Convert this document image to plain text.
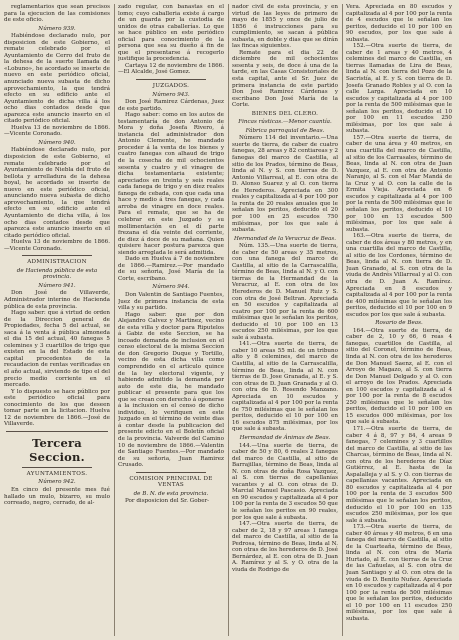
reglamentarios que sean precisos para la ejecucion de las comisiones de este oficio.

Número 939.

Habiéndose declarado nulo, por disposicion de este Gobierno, el remate celebrado por el Ayuntamiento de Cerro del fruto de la dehesa de la suerte llamada de «Lobuno», he acordado se inserte de nuevo en este periódico oficial, anunciado nueva subasta de dicho aprovechamiento, la que tendrá efecto en su edificio ante el Ayuntamiento de dicha villa á los ocho dias contados desde que aparezca este anuncio inserto en el citado periódico oficial.

Huelva 13 de noviembre de 1866.—Vicente Coronado.

Número 940.

Habiéndose declarado nulo, por disposicion de este Gobierno, el remate celebrado por el Ayuntamiento de Niebla del fruto de bellota y arrelladura de la dehesa boyal, he acordado se inserte de nuevo en este periódico oficial, anunciando nueva subasta de dicho aprovechamiento, la que tendrá efecto en su edificio ante el Ayuntamiento de dicha villa, á los ocho dias contados desde que aparezca este anuncio inserto en el citado periódico oficial.

Huelva 13 de noviembre de 1866.—Vicente Coronado.

ADMINISTRACION

de Hacienda pública de esta provincia.

Número 941.

Don José de Villaverde, Administrador interino de Hacienda pública de esta provincia.

Hago saber: que á virtud de orden de la Direccion general de Propiedades, fecha 5 del actual, se saca á la venta á pública almoneda el dia 15 del actual, 40 fanegas 5 celemines y 3 cuartillos de trigo que existen en la del Estado de esta capital procedentes de la recaudacion de rentas verificadas en el año actual, sirviendo de tipo el del precio medio corriente en el mercado.

Y lo dispuesto se hace público por este periódico oficial para conocimiento de los que deseen tomar parte en la licitacion. Huelva 12 de noviembre de 1866.—José de Villaverde.

Tercera Seccion.

AYUNTAMIENTOS.

Número 942.

En cinco del presente mes fué hallado un mulo, bizarro, su mulo correado, negro, cerrado, de al-

zado regular, con banastas en el lomo; cuyo caballeria existe á cargo de un guarda por la custodia de unidos de otras caballerías. Lo que se hace público en este periódico oficial para conocimiento de la persona que sea su dueño á fin de que el presentarse á recogerlo justifique la procedencia.

Cartaya 12 de noviembre de 1866.—El Alcalde, José Gomez.

JUZGADOS.

Número 943.

Don José Ramirez Cárdenas, Juez de este partido.

Hago saber: como en los autos de testamentaría de don Antonio de Mora y doña Josefa Rivero, á instancia del administrador don Antonio Clemente, he mandado proceder á la venta de los bienes y cuatro fanegas con alhaud de trigo de la cosecha de mil ochocientos sesenta y cuatro y el vinagre de dicha testamentaria existente; apreciados en treinta y seis reales cada fanega de trigo y en diez reales fanega de cebada, con que cada una hace y medio á tres fanegas, y cada arroba de vinagre en doce reales. Para el remate, que se ha de celebrar en este Juzgado y su mollimentación en el dí parte frezana el día veinte del corriente, de diez á doce de su mañana. Quien quisiere hacer postura parezca que siendo arreglada le será admitida.

Dado en Huelva á 7 de noviembre de 1866.—Ramirez.—Por mandado de su señoria, José María de la Corte, escribano.

Número 944.

Don Valentin de Santiago Fuentes, Juez de primera instancia de esta villa y su partido.

Hago saber: que por don Alejandro Calvez y Martinez, vecino de esta villa y doctor para Riputelos á Gabiz de este Seccion, se ha incoado demanda de inclusion en el censo electoral de la misma Seccion de don Gregorio Duque y Tortillo, vecino de esta dicha villa como comprendido en el articulo quince de la ley electoral vigente, y habiendo admitido la demanda por auto de este dia, he mandado publicar el presente para que los que se crean con derecho á oponerse á la inclusion en el censo de dicho individuo, lo verifiquen en este Juzgado en el término de veinte dias á contar desde la publicacion del presente edicto en el Boletín oficial de la provincia. Valverde del Camino 10 de noviembre de 1866.—Valentin de Santiago Fuentes.—Por mandado de su señoria, Juan Ramirez Crusado.

COMISION PRINCIPAL DE VENTAS

de B. N. de esta provincia.

Por disposicion del Sr. Gober-

nador civil de esta provincia, y en virtud de las leyes de primero de mayo de 1855 y once de julio de 1856 é instrucciones para su cumplimiento, se sacan á pública subasta, en doble y dias que se dirán las fincas siguientes.

Remate para el dia 22 de diciembre de mil ochocientos sesenta y seis, de doce á una de la tarde, en las Casas Consistoriales de esta capital, ante el Sr. Juez de primera instancia de este partido Don José Ramirez Cárdenas y escribano Don José María de la Corte.

BIENES DEL CLERO.

Fincas rústicas.—Menor cuantía.

Fábrica parroquial de Beas.

Número 114 del inventario.—Una suerte de tierra, de caber de cuatro fanegas, 28 areas y 82 centiareas y 2 fanegas del marco de Castilla, al sitio de los Prados, término de Beas, linda al N. y S. con tierras de D. Antonio Villarreal, al E. con otra de D. Alonso Suarez y al O. con tierra de Herederos. Apreciada en 300 reales y capitalizada al 4 por 100 por la renta de 20 reales anuales que le señalan los peritos, deducido el 20 por 100 en 25 escudos 750 milésimas, por los que sale á subasta.

Hermandad de la Veracruz de Beas.

Núm. 135.—Una suerte de tierra, de caber de 50 areas y 35 metros, con una fanega del marco de Castilla, al sitio de la Carrascalilla, término de Beas, linda al N. y O. con tierras de la Hermandad de la Veracruz, al E. con otra de los Herederos de D. Manuel Ruiz y S. con otra de José Beltran. Apreciada en 50 escudos y capitalizada al cuatro por 100 por la renta de 600 milésimas que le señalan los peritos, deducido el 10 por 100 en 13 escudos 250 milésimas, por los que sale á subasta.

141.—Otra suerte de tierra, de caber 10 areas 55 ml. de un tribuno alto y 8 celemines, del marco de Castilla, al sitio de la Carrascalilla, término de Beas, linda al N. con tierras de D. Jose Granada, al E. y S. con otras de D. Juan Granada y al O. con otra de D. Rosendo Manzano. Apreciada en 10 escudos y capitalizada al 4 por 100 por la renta de 750 milésimas que le señalan los peritos, deducido el 10 por 100 en 16 escudos 875 milésimas, por los que sale á subasta.

Hermandad de Ánimas de Beas.

144.—Una suerte de tierra, de caber de 50 y 80, 6 reales 2 fanegas del marco de Castilla, al sitio de Barrajillas, término de Beas, linda al N. con otras de doña Rosa Vazquez, al S. con tierras de capellanías vacantes y al O. con otras de D. Marcial Manuel Pascasio. Apreciada en 90 escudos y capitalizada al 4 por 100 por la renta de 3 escudos 50 que le señalan los peritos en 90 reales, por los que sale á subasta.

147.—Otra suerte de tierra, de caber de 2, 18 y 97 areas 1 fanega del marco de Castilla, al sitio de la Pedrosa, término de Beas, linda al N. con otras de los herederos de D. José Bernárdez, al E. con otra de D. Juan A. Ramírez y al S. y O. otra de la viuda de Rodrigo de

Vera. Apreciada en 80 escudos y capitalizada al 4 por 100 por la renta de 4 escudos que le señalan los peritos, deducido el 10 por 100 en 90 escudos, por los que sale á subasta.

152.—Otra suerte de tierra, de caber de 1 areas y 40 metros, 4 celemines del marco de Castilla, en tierras llamadas de Lira de Beas, linda al N. con tierra del Pozo de la Sacristía, al E. y S. con tierra de D. Josefa Granado Robles y al O. con la calle Larga. Apreciada en 10 escudos y capitalizada al 4 por 100 por la renta de 500 milésimas que le señalan los peritos, deducido el 10 por 100 en 11 escudos 250 milésimas, por los que sale á subasta.

157.—Otra suerte de tierra, de caber de una área y 40 metros, en una cuartilla del marco de Castilla, al sitio de los Carrasales, término de Beas, linda al N. con otra de Juan Vazquez, al E. con otra de Antonio Naranjo, al S. con el Mar Mandá de la Cruz y al O. con la calle de la Ermita Vieja. Apreciada en 6 escudos y capitalizada al 4 por 100 por la renta de 500 milésimas que le señalan los peritos, deducido el 10 por 100 en 13 escudos 500 milésimas, por los que sale á subasta.

163.—Otra suerte de tierra, de caber de dos áreas y 80 metros, y en una cuartilla del marco de Castilla, al sitio de los Cordones, término de Beas, linda al N. con tierra de D. Juan Granado, al S. con otra de la viuda de Andrés Villarreal y al O. con otra de D. Juan A. Ramírez. Apreciada en 8 escudos y capitalizada al 4 por 100 por la renta de 400 milésimas que le señalan los peritos, deducido el 10 por 100 en 9 escudos por los que sale á subasta.

Rosario de Beas.

164.—Otra suerte de tierra, de caber de 2, 10 y 66, 6 reas 4 fanegas, cuartillos de Castilla, al sitio del Coronel, término de Beas, linda al N. con otra de los herederos de Don Manuel Saenz, al E. con el Arroyo de Magazo, al S. con tierra de Don Manuel Delgado y al O. con el arroyo de los Prados. Apreciada en 100 escudos y capitalizada al 4 por 100 por la renta de 8 escudos 250 milésimas que le señalan los peritos, deducido el 10 por 100 en 15 escudos 000 milésimas, por los que sale á subasta.

171.—Otra suerte de tierra, de caber 4 á 8, 97 y 84, 4 areas 9 fanegas, 7 celemines y 3 cuartillos del marco de Castilla, al sitio de las Charcas, término de Beas, linda al N. con otra de los herederos de Díaz Gutiérrez, al E. hasta de la Aspalalleja y al S. y O. con tierras de capellanías vacantes. Apreciada en 80 escudos y capitalizada al 4 por 100 por la renta de 3 escudos 500 milésimas que le señalan los peritos, deducido el 10 por 100 en 135 escudos 250 milésimas, por los que sale á subasta.

173.—Otra suerte de tierra, de caber 40 áreas y 40 metros, 6 en una fanega del marco de Castilla, al sitio de la Cuarteaña, término de Beas, linda al N. con otra de María Hurtado, al E. con tierras de la Cruz de las Cañuelas, al S. con otra de Juan Santiago y al O. con otra de la viuda de D. Benito Nuñez. Apreciada en 10 escudos y capitalizada al 4 por 100 por la renta de 500 milésimas que le señalan los peritos, deducido el 10 por 100 en 11 escudos 250 milésimas, por los que sale á subasta.
